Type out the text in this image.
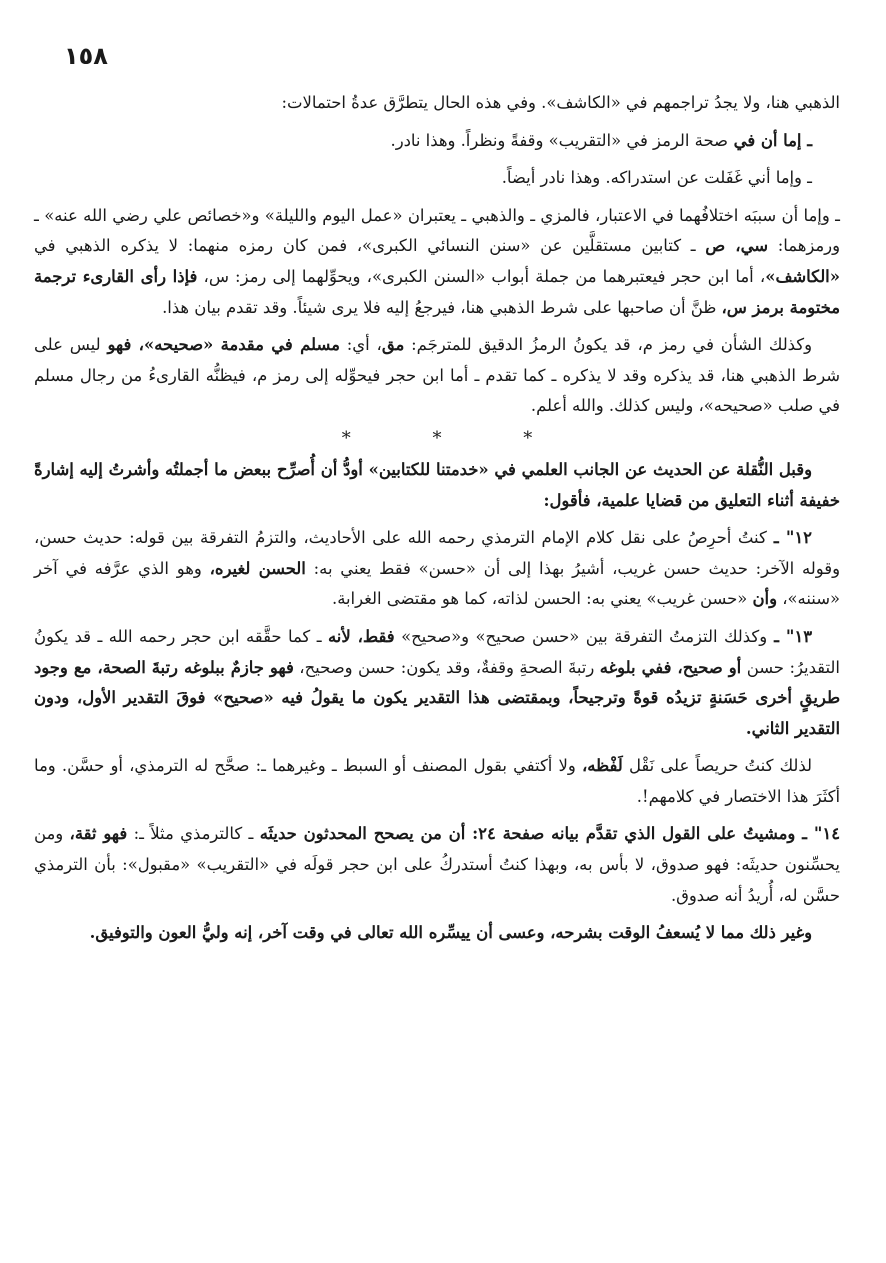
١٥٨

الذهبي هنا، ولا يجدُ تراجمهم في «الكاشف». وفي هذه الحال يتطرَّق عدةُ احتمالات:

ـ إما أن في صحة الرمز في «التقريب» وقفةً ونظراً. وهذا نادر.

ـ وإما أني غَفَلت عن استدراكه. وهذا نادر أيضاً.

ـ وإما أن سببَه اختلافُهما في الاعتبار، فالمزي ـ والذهبي ـ يعتبران «عمل اليوم والليلة» و«خصائص علي رضي الله عنه» ـ ورمزهما: سي، ص ـ كتابين مستقلَّين عن «سنن النسائي الكبرى»، فمن كان رمزه منهما: لا يذكره الذهبي في «الكاشف»، أما ابن حجر فيعتبرهما من جملة أبواب «السنن الكبرى»، ويحوِّلهما إلى رمز: س، فإذا رأى القارىء ترجمة مختومة برمز س، ظنَّ أن صاحبها على شرط الذهبي هنا، فيرجعُ إليه فلا يرى شيئاً. وقد تقدم بيان هذا.

وكذلك الشأن في رمز م، قد يكونُ الرمزُ الدقيق للمترجَم: مق، أي: مسلم في مقدمة «صحيحه»، فهو ليس على شرط الذهبي هنا، قد يذكره وقد لا يذكره ـ كما تقدم ـ أما ابن حجر فيحوِّله إلى رمز م، فيظنُّه القارىءُ من رجال مسلم في صلب «صحيحه»، وليس كذلك. والله أعلم.

* * *

وقبل النُّقلة عن الحديث عن الجانب العلمي في «خدمتنا للكتابين» أودُّ أن أُصرِّح ببعض ما أجملتُه وأشرتُ إليه إشارةً خفيفة أثناء التعليق من قضايا علمية، فأقول:

١٢" ـ كنتُ أحرِصُ على نقل كلام الإمام الترمذي رحمه الله على الأحاديث، والتزمُ التفرقة بين قوله: حديث حسن، وقوله الآخر: حديث حسن غريب، أشيرُ بهذا إلى أن «حسن» فقط يعني به: الحسن لغيره، وهو الذي عرَّفه في آخر «سننه»، وأن «حسن غريب» يعني به: الحسن لذاته، كما هو مقتضى الغرابة.

١٣" ـ وكذلك التزمتُ التفرقة بين «حسن صحيح» و«صحيح» فقط، لأنه ـ كما حقَّقه ابن حجر رحمه الله ـ قد يكونُ التقديرُ: حسن أو صحيح، ففي بلوغه رتبةَ الصحةِ وقفةٌ، وقد يكون: حسن وصحيح، فهو جازمٌ ببلوغه رتبةَ الصحة، مع وجود طريقٍ أخرى حَسَنةٍ تزيدُه قوةً وترجيحاً، وبمقتضى هذا التقدير يكون ما يقولُ فيه «صحيح» فوقَ التقدير الأول، ودون التقدير الثاني.

لذلك كنتُ حريصاً على نَقْل لَفْظه، ولا أكتفي بقول المصنف أو السبط ـ وغيرهما ـ: صحَّح له الترمذي، أو حسَّن. وما أكثَرَ هذا الاختصار في كلامهم!.

١٤" ـ ومشيتُ على القول الذي تقدَّم بيانه صفحة ٢٤: أن من يصحح المحدثون حديثَه ـ كالترمذي مثلاً ـ: فهو ثقة، ومن يحسِّنون حديثَه: فهو صدوق، لا بأس به، وبهذا كنتُ أستدركُ على ابن حجر قولَه في «التقريب» «مقبول»: بأن الترمذي حسَّن له، أُريدُ أنه صدوق.

وغير ذلك مما لا يُسعفُ الوقت بشرحه، وعسى أن ييسِّره الله تعالى في وقت آخر، إنه وليُّ العون والتوفيق.
